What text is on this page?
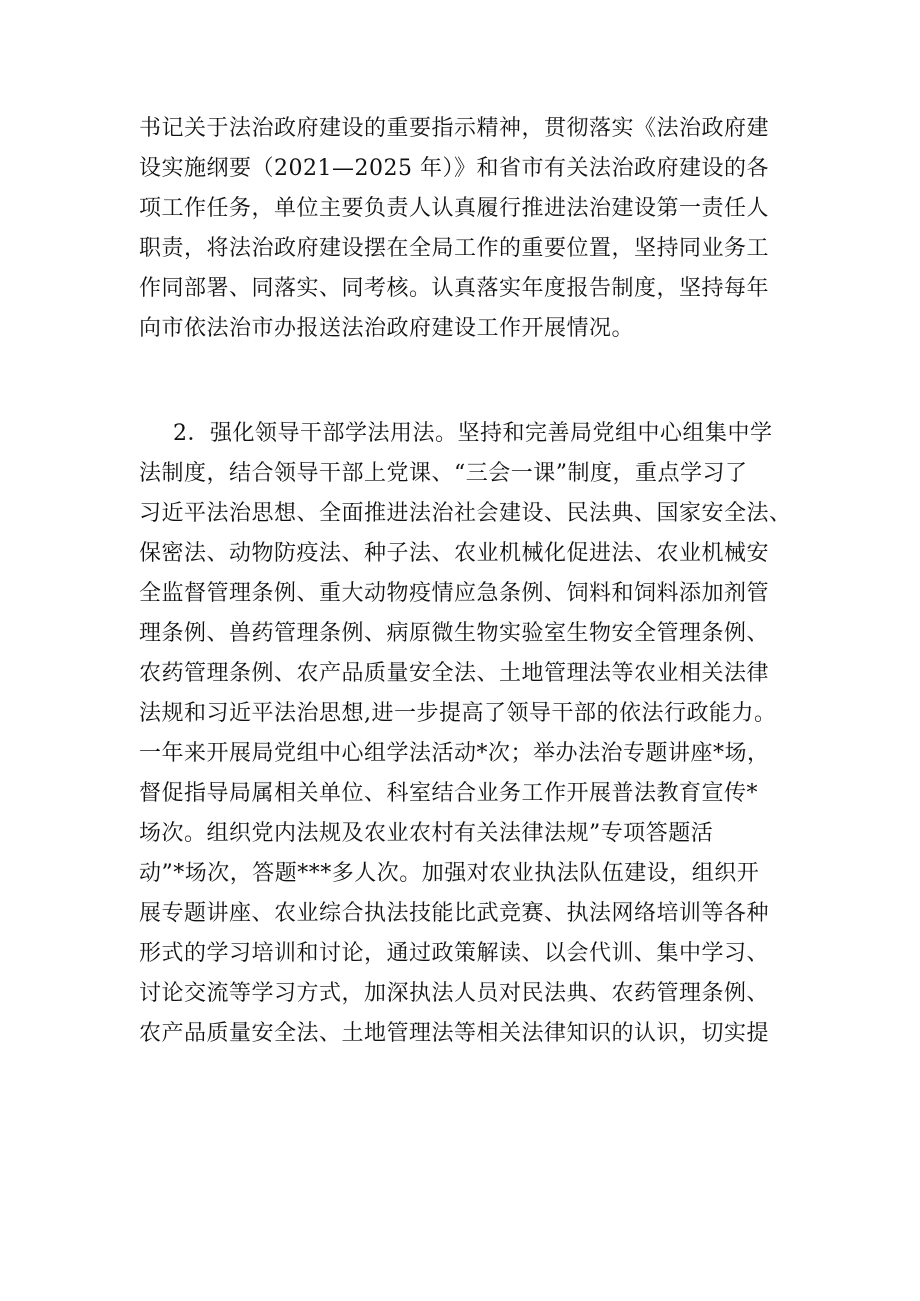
书记关于法治政府建设的重要指示精神，贯彻落实《法治政府建
设实施纲要（2021—2025 年）》和省市有关法治政府建设的各
项工作任务，单位主要负责人认真履行推进法治建设第一责任人
职责，将法治政府建设摆在全局工作的重要位置，坚持同业务工
作同部署、同落实、同考核。认真落实年度报告制度，坚持每年
向市依法治市办报送法治政府建设工作开展情况。
2．强化领导干部学法用法。坚持和完善局党组中心组集中学
法制度，结合领导干部上党课、“三会一课”制度，重点学习了
习近平法治思想、全面推进法治社会建设、民法典、国家安全法、
保密法、动物防疫法、种子法、农业机械化促进法、农业机械安
全监督管理条例、重大动物疫情应急条例、饲料和饲料添加剂管
理条例、兽药管理条例、病原微生物实验室生物安全管理条例、
农药管理条例、农产品质量安全法、土地管理法等农业相关法律
法规和习近平法治思想,进一步提高了领导干部的依法行政能力。
一年来开展局党组中心组学法活动*次；举办法治专题讲座*场，
督促指导局属相关单位、科室结合业务工作开展普法教育宣传*
场次。组织党内法规及农业农村有关法律法规”专项答题活
动”*场次，答题***多人次。加强对农业执法队伍建设，组织开
展专题讲座、农业综合执法技能比武竞赛、执法网络培训等各种
形式的学习培训和讨论，通过政策解读、以会代训、集中学习、
讨论交流等学习方式，加深执法人员对民法典、农药管理条例、
农产品质量安全法、土地管理法等相关法律知识的认识，切实提
